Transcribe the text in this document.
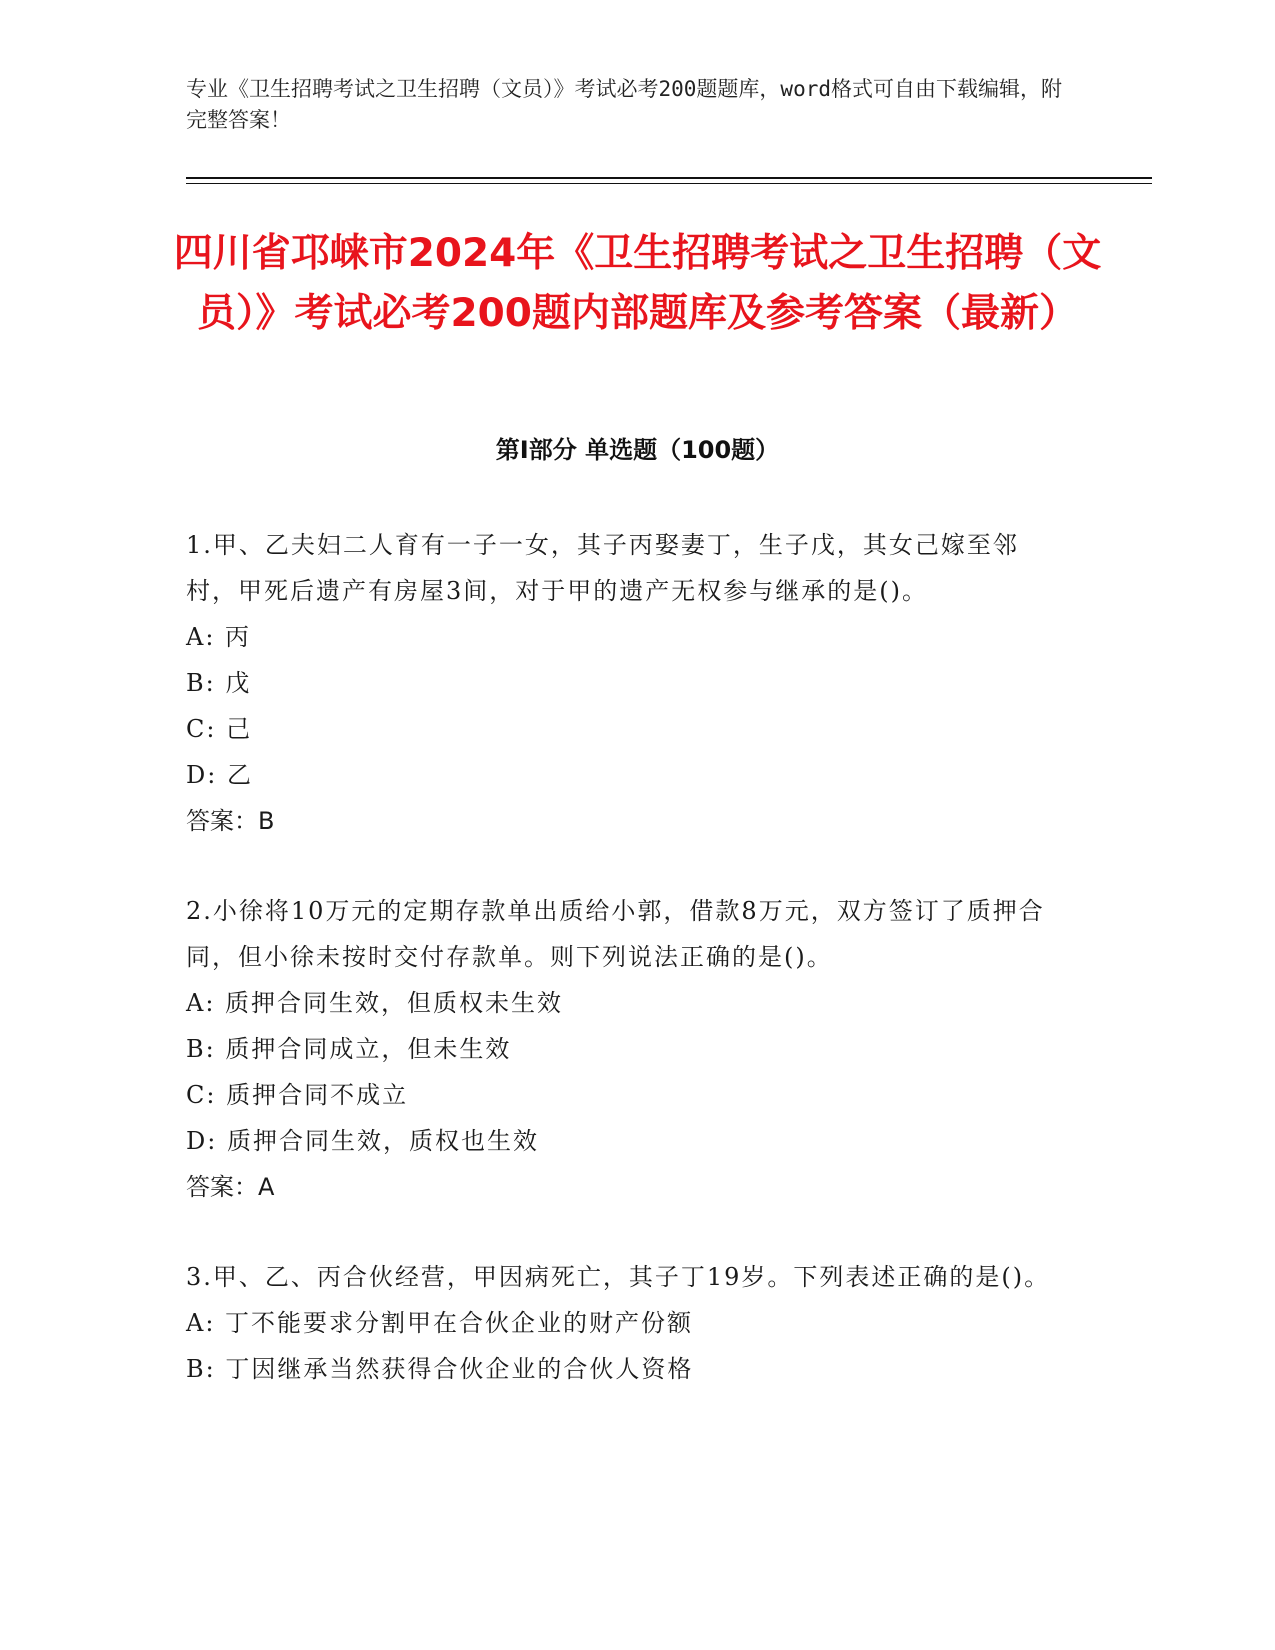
专业《卫生招聘考试之卫生招聘（文员）》考试必考200题题库，word格式可自由下载编辑，附完整答案！
四川省邛崃市2024年《卫生招聘考试之卫生招聘（文员）》考试必考200题内部题库及参考答案（最新）
第Ⅰ部分 单选题（100题）

1.甲、乙夫妇二人育有一子一女，其子丙娶妻丁，生子戊，其女己嫁至邻村，甲死后遗产有房屋3间，对于甲的遗产无权参与继承的是()。

A: 丙

B: 戊

C: 己

D: 乙

答案：B

2.小徐将10万元的定期存款单出质给小郭，借款8万元，双方签订了质押合同，但小徐未按时交付存款单。则下列说法正确的是()。

A: 质押合同生效，但质权未生效

B: 质押合同成立，但未生效

C: 质押合同不成立

D: 质押合同生效，质权也生效

答案：A

3.甲、乙、丙合伙经营，甲因病死亡，其子丁19岁。下列表述正确的是()。

A: 丁不能要求分割甲在合伙企业的财产份额

B: 丁因继承当然获得合伙企业的合伙人资格
